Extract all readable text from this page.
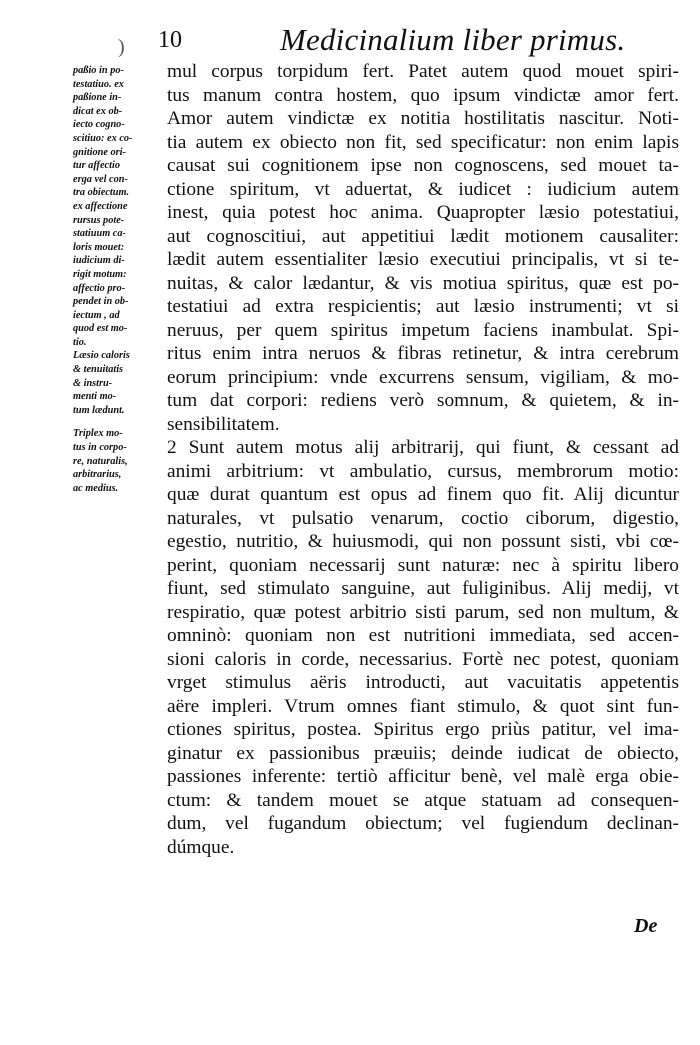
) 10	Medicinalium liber primus.
paßio in po-
testatiuo. ex
paßione in-
dicat ex ob-
iecto cogno-
scitiuo: ex co-
gnitione ori-
tur affectio
erga vel con-
tra obiectum.
ex affectione
rursus pote-
statiuum ca-
loris mouet:
iudicium di-
rigit motum:
affectio pro-
pendet in ob-
iectum , ad
quod est mo-
tio.
Læsio caloris
& tenuitatis
& instru-
menti mo-
tum lædunt.
Triplex mo-
tus in corpo-
re, naturalis,
arbitrarius,
ac medius.
mul corpus torpidum fert. Patet autem quod mouet spiri-
tus manum contra hostem, quo ipsum vindictæ amor fert.
Amor autem vindictæ ex notitia hostilitatis nascitur. Noti-
tia autem ex obiecto non fit, sed specificatur: non enim lapis
causat sui cognitionem ipse non cognoscens, sed mouet ta-
ctione spiritum, vt aduertat, & iudicet : iudicium autem
inest, quia potest hoc anima. Quapropter læsio potestatiui,
aut cognoscitiui, aut appetitiui lædit motionem causaliter:
lædit autem essentialiter læsio executiui principalis, vt si te-
nuitas, & calor lædantur, & vis motiua spiritus, quæ est po-
testatiui ad extra respicientis; aut læsio instrumenti; vt si
neruus, per quem spiritus impetum faciens inambulat. Spi-
ritus enim intra neruos & fibras retinetur, & intra cerebrum
eorum principium: vnde excurrens sensum, vigiliam, & mo-
tum dat corpori: rediens verò somnum, & quietem, & in-
sensibilitatem.
2 Sunt autem motus alij arbitrarij, qui fiunt, & cessant ad
animi arbitrium: vt ambulatio, cursus, membrorum motio:
quæ durat quantum est opus ad finem quo fit. Alij dicuntur
naturales, vt pulsatio venarum, coctio ciborum, digestio,
egestio, nutritio, & huiusmodi, qui non possunt sisti, vbi cœ-
perint, quoniam necessarij sunt naturæ: nec à spiritu libero
fiunt, sed stimulato sanguine, aut fuliginibus. Alij medij, vt
respiratio, quæ potest arbitrio sisti parum, sed non multum, &
omninò: quoniam non est nutritioni immediata, sed accen-
sioni caloris in corde, necessarius. Fortè nec potest, quoniam
vrget stimulus aëris introducti, aut vacuitatis appetentis
aëre impleri. Vtrum omnes fiant stimulo, & quot sint fun-
ctiones spiritus, postea. Spiritus ergo priùs patitur, vel ima-
ginatur ex passionibus præuiis; deinde iudicat de obiecto,
passiones inferente: tertiò afficitur benè, vel malè erga obie-
ctum: & tandem mouet se atque statuam ad consequen-
dum, vel fugandum obiectum; vel fugiendum declinan-
dúmque.
De
